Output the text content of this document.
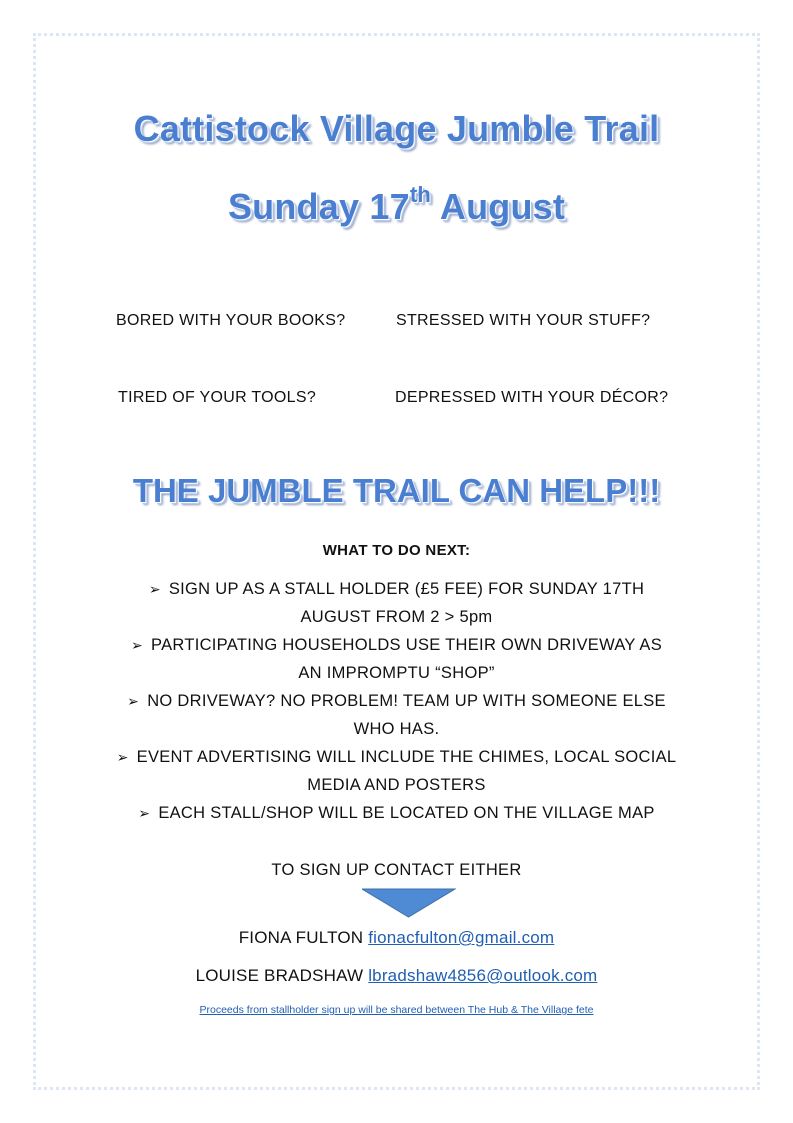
Cattistock Village Jumble Trail
Sunday 17th August
BORED WITH YOUR BOOKS?	STRESSED WITH YOUR STUFF?
TIRED OF YOUR TOOLS?	DEPRESSED WITH YOUR DÉCOR?
THE JUMBLE TRAIL CAN HELP!!!
WHAT TO DO NEXT:
➢ SIGN UP AS A STALL HOLDER (£5 FEE) FOR SUNDAY 17TH
AUGUST FROM 2 > 5pm
➢ PARTICIPATING HOUSEHOLDS USE THEIR OWN DRIVEWAY AS
AN IMPROMPTU “SHOP”
➢ NO DRIVEWAY? NO PROBLEM! TEAM UP WITH SOMEONE ELSE
WHO HAS.
➢ EVENT ADVERTISING WILL INCLUDE THE CHIMES, LOCAL SOCIAL
MEDIA AND POSTERS
➢ EACH STALL/SHOP WILL BE LOCATED ON THE VILLAGE MAP
TO SIGN UP CONTACT EITHER
FIONA FULTON fionacfulton@gmail.com
LOUISE BRADSHAW lbradshaw4856@outlook.com
Proceeds from stallholder sign up will be shared between The Hub & The Village fete
